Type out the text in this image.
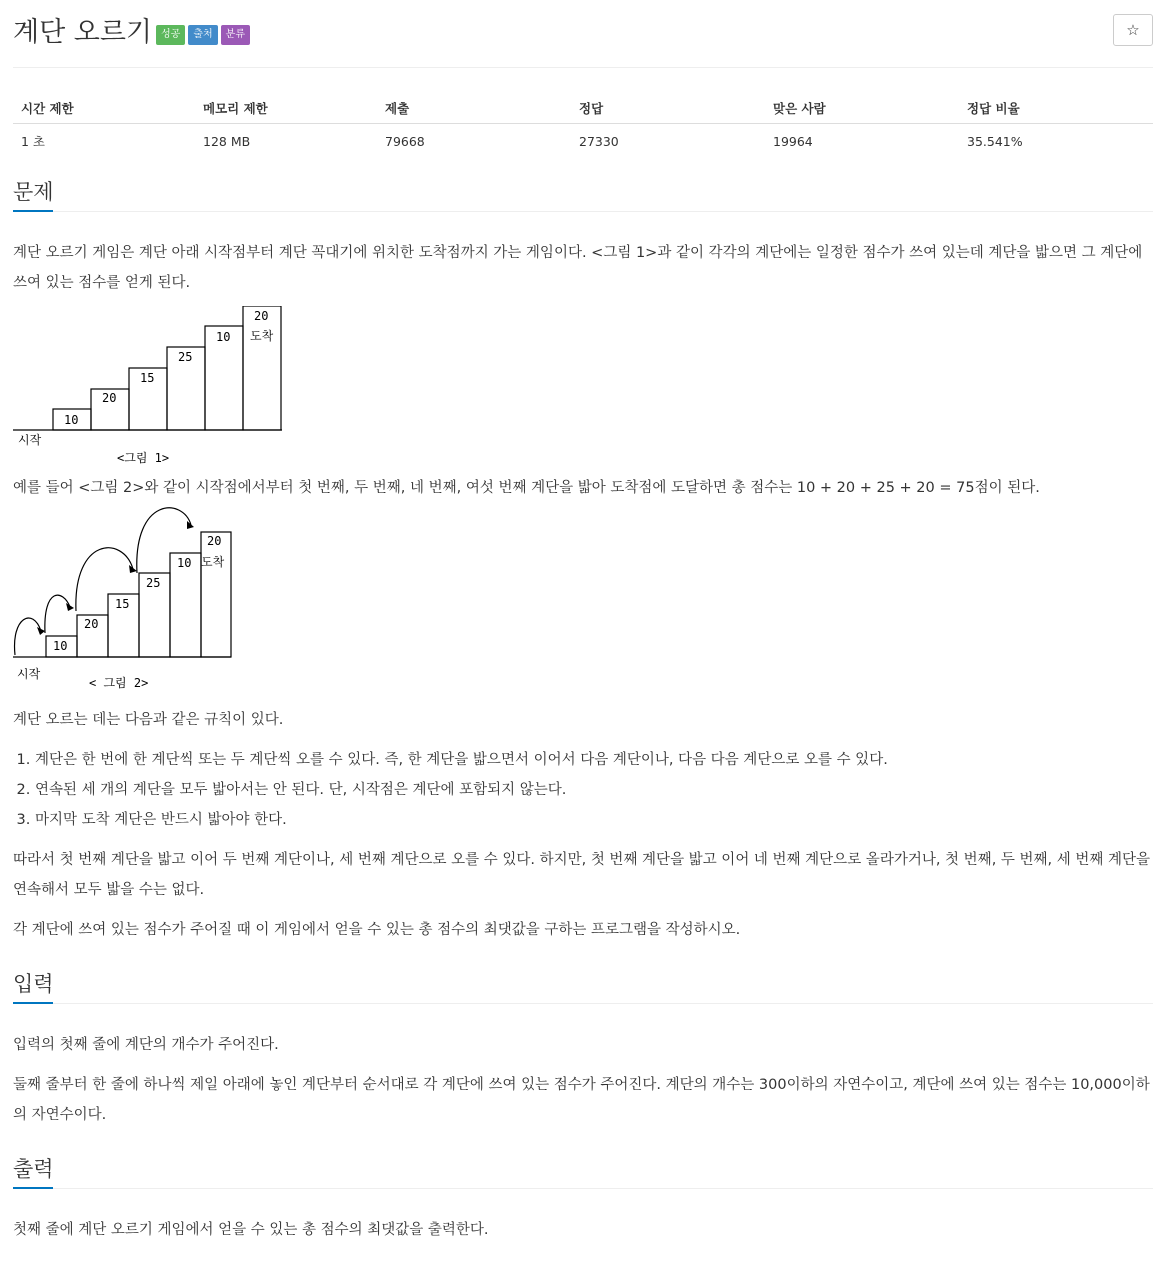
계단 오르기 성공	출처	분류	☆
시간 제한	메모리 제한	제출	정답	맞은 사람	정답 비율
1 초	128 MB	79668	27330	19964	35.541%
문제

계단 오르기 게임은 계단 아래 시작점부터 계단 꼭대기에 위치한 도착점까지 가는 게임이다. <그림 1>과 같이 각각의 계단에는 일정한 점수가 쓰여 있는데 계단을 밟으면 그 계단에 쓰여 있는 점수를 얻게 된다.

10
20
15
25
10
20
도착
시작
<그림 1>

예를 들어 <그림 2>와 같이 시작점에서부터 첫 번째, 두 번째, 네 번째, 여섯 번째 계단을 밟아 도착점에 도달하면 총 점수는 10 + 20 + 25 + 20 = 75점이 된다.

10
20
15
25
10
20
도착
시작
< 그림 2>

계단 오르는 데는 다음과 같은 규칙이 있다.

1. 계단은 한 번에 한 계단씩 또는 두 계단씩 오를 수 있다. 즉, 한 계단을 밟으면서 이어서 다음 계단이나, 다음 다음 계단으로 오를 수 있다.
2. 연속된 세 개의 계단을 모두 밟아서는 안 된다. 단, 시작점은 계단에 포함되지 않는다.
3. 마지막 도착 계단은 반드시 밟아야 한다.

따라서 첫 번째 계단을 밟고 이어 두 번째 계단이나, 세 번째 계단으로 오를 수 있다. 하지만, 첫 번째 계단을 밟고 이어 네 번째 계단으로 올라가거나, 첫 번째, 두 번째, 세 번째 계단을 연속해서 모두 밟을 수는 없다.

각 계단에 쓰여 있는 점수가 주어질 때 이 게임에서 얻을 수 있는 총 점수의 최댓값을 구하는 프로그램을 작성하시오.

입력

입력의 첫째 줄에 계단의 개수가 주어진다.

둘째 줄부터 한 줄에 하나씩 제일 아래에 놓인 계단부터 순서대로 각 계단에 쓰여 있는 점수가 주어진다. 계단의 개수는 300이하의 자연수이고, 계단에 쓰여 있는 점수는 10,000이하의 자연수이다.

출력

첫째 줄에 계단 오르기 게임에서 얻을 수 있는 총 점수의 최댓값을 출력한다.
